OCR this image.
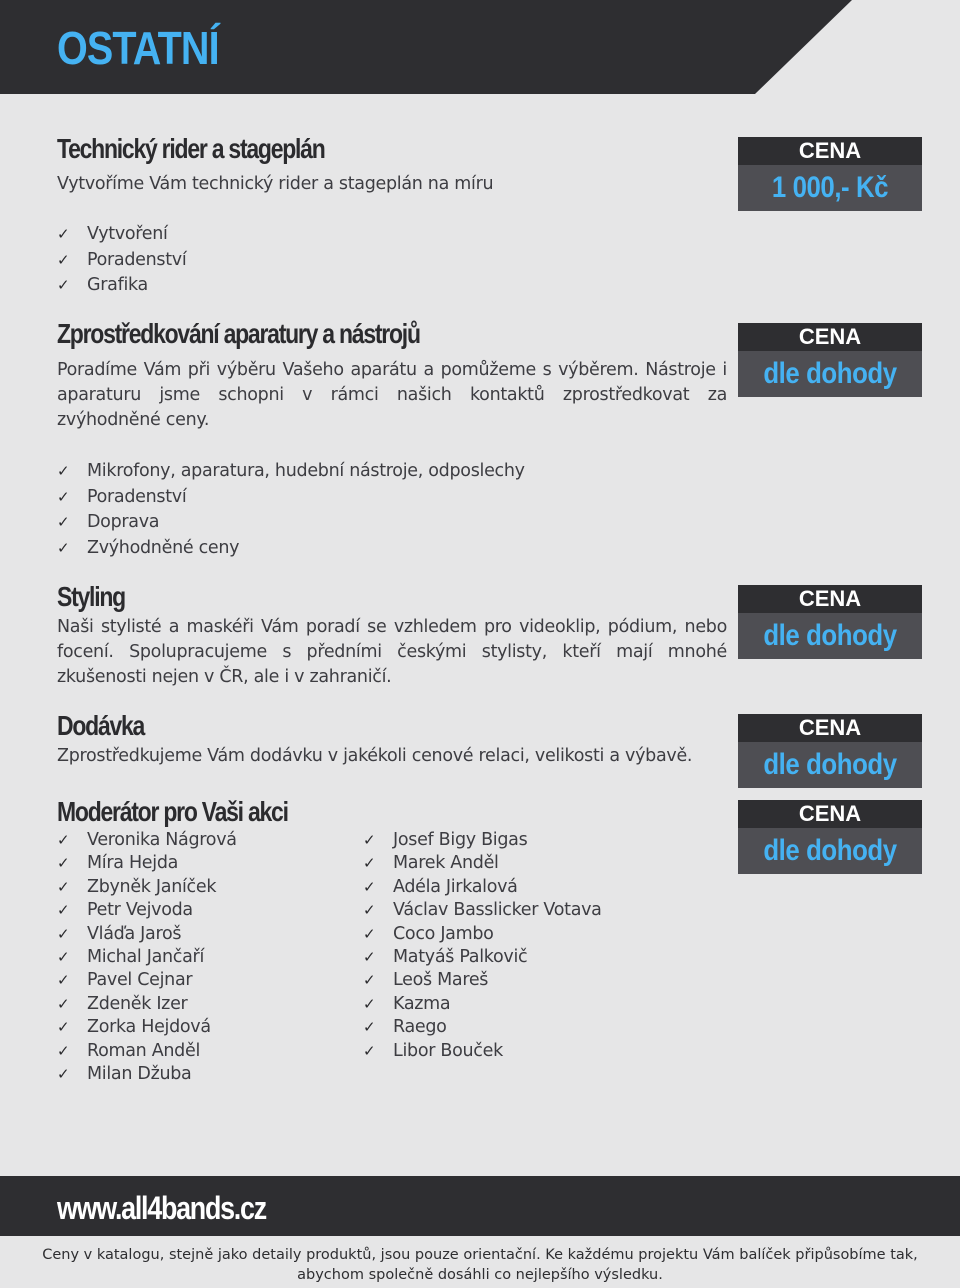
OSTATNÍ
Technický rider a stageplán
Vytvoříme Vám technický rider a stageplán na míru
✓ Vytvoření
✓ Poradenství
✓ Grafika
CENA
1 000,- Kč
Zprostředkování aparatury a nástrojů
Poradíme Vám při výběru Vašeho aparátu a pomůžeme s výběrem. Nástroje i aparaturu jsme schopni v rámci našich kontaktů zprostředkovat za zvýhodněné ceny.
✓ Mikrofony, aparatura, hudební nástroje, odposlechy
✓ Poradenství
✓ Doprava
✓ Zvýhodněné ceny
CENA
dle dohody
Styling
Naši stylisté a maskéři Vám poradí se vzhledem pro videoklip, pódium, nebo focení. Spolupracujeme s předními českými stylisty, kteří mají mnohé zkušenosti nejen v ČR, ale i v zahraničí.
CENA
dle dohody
Dodávka
Zprostředkujeme Vám dodávku v jakékoli cenové relaci, velikosti a výbavě.
CENA
dle dohody
Moderátor pro Vaši akci
✓ Veronika Nágrová
✓ Míra Hejda
✓ Zbyněk Janíček
✓ Petr Vejvoda
✓ Vláďa Jaroš
✓ Michal Jančaří
✓ Pavel Cejnar
✓ Zdeněk Izer
✓ Zorka Hejdová
✓ Roman Anděl
✓ Milan Džuba
✓ Josef Bigy Bigas
✓ Marek Anděl
✓ Adéla Jirkalová
✓ Václav Basslicker Votava
✓ Coco Jambo
✓ Matyáš Palkovič
✓ Leoš Mareš
✓ Kazma
✓ Raego
✓ Libor Bouček
CENA
dle dohody
www.all4bands.cz
Ceny v katalogu, stejně jako detaily produktů, jsou pouze orientační. Ke každému projektu Vám balíček připůsobíme tak, abychom společně dosáhli co nejlepšího výsledku.
